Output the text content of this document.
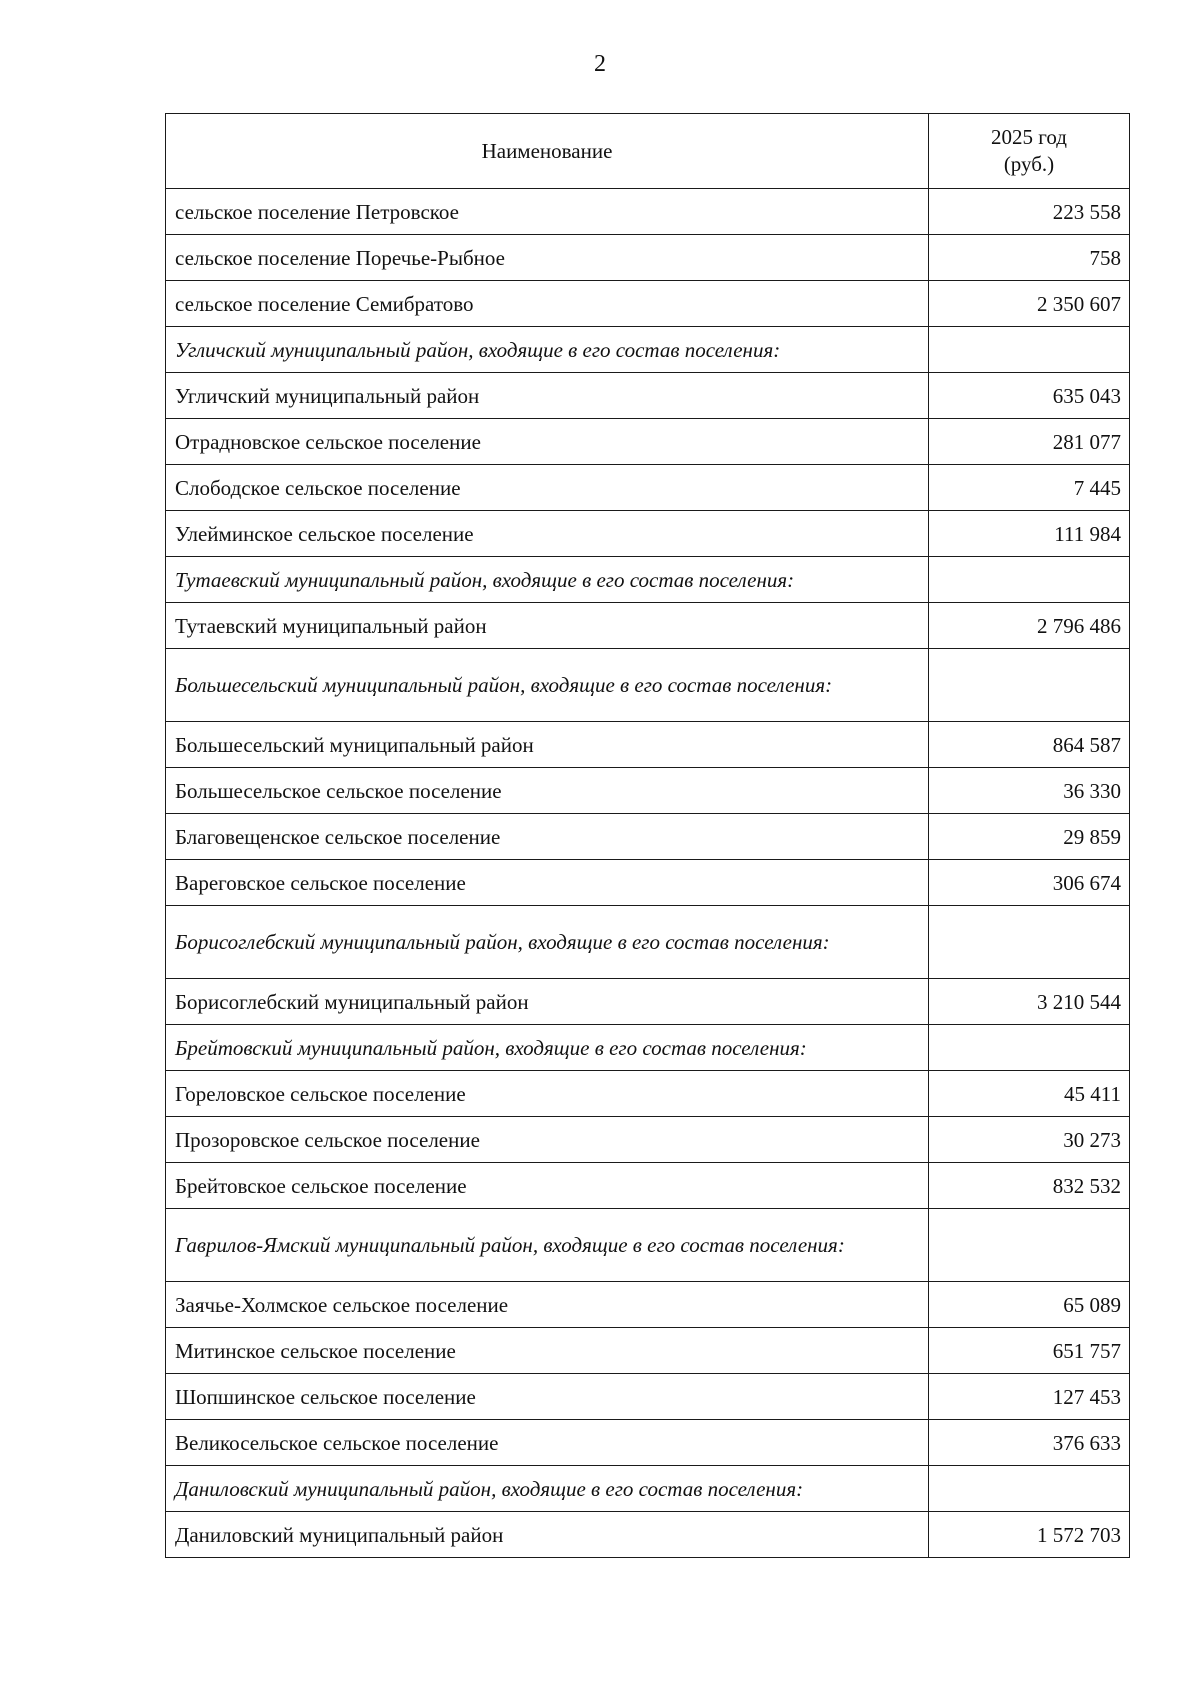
2
Наименование	2025 год
(руб.)

сельское поселение Петровское	223 558
сельское поселение Поречье-Рыбное	758
сельское поселение Семибратово	2 350 607
Угличский муниципальный район, входящие в его состав поселения:	
Угличский муниципальный район	635 043
Отрадновское сельское поселение	281 077
Слободское сельское поселение	7 445
Улейминское сельское поселение	111 984
Тутаевский муниципальный район, входящие в его состав поселения:	
Тутаевский муниципальный район	2 796 486
Большесельский муниципальный район, входящие в его состав поселения:	
Большесельский муниципальный район	864 587
Большесельское сельское поселение	36 330
Благовещенское сельское поселение	29 859
Вареговское сельское поселение	306 674
Борисоглебский муниципальный район, входящие в его состав поселения:	
Борисоглебский муниципальный район	3 210 544
Брейтовский муниципальный район, входящие в его состав поселения:	
Гореловское сельское поселение	45 411
Прозоровское сельское поселение	30 273
Брейтовское сельское поселение	832 532
Гаврилов-Ямский муниципальный район, входящие в его состав поселения:	
Заячье-Холмское сельское поселение	65 089
Митинское сельское поселение	651 757
Шопшинское сельское поселение	127 453
Великосельское сельское поселение	376 633
Даниловский муниципальный район, входящие в его состав поселения:	
Даниловский муниципальный район	1 572 703
